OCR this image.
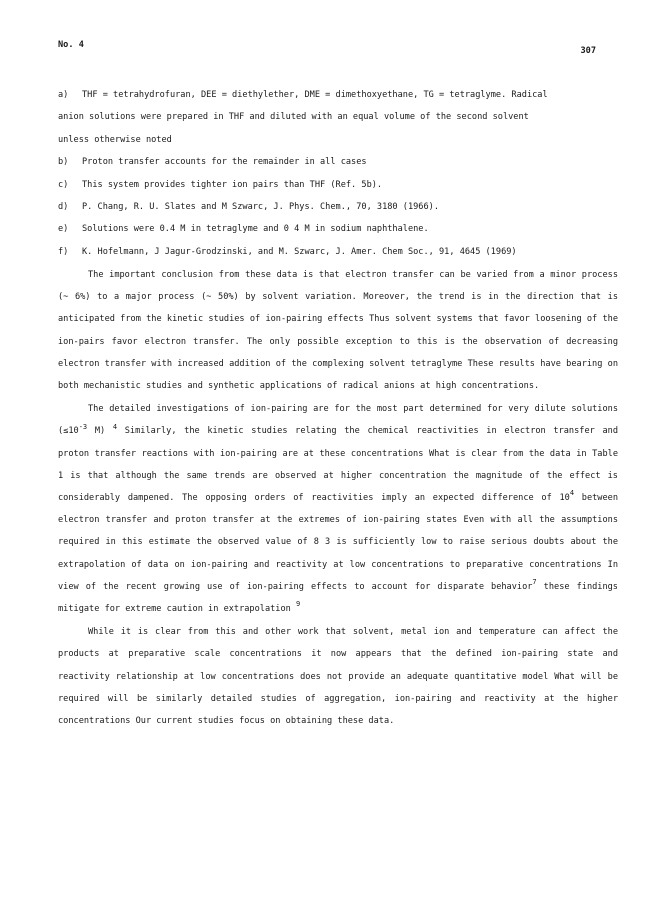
No. 4
307
a) THF = tetrahydrofuran, DEE = diethylether, DME = dimethoxyethane, TG = tetraglyme. Radical
anion solutions were prepared in THF and diluted with an equal volume of the second solvent
unless otherwise noted
b) Proton transfer accounts for the remainder in all cases
c) This system provides tighter ion pairs than THF (Ref. 5b).
d) P. Chang, R. U. Slates and M Szwarc, J. Phys. Chem., 70, 3180 (1966).
e) Solutions were 0.4 M in tetraglyme and 0 4 M in sodium naphthalene.
f) K. Hofelmann, J Jagur-Grodzinski, and M. Szwarc, J. Amer. Chem Soc., 91, 4645 (1969)

The important conclusion from these data is that electron transfer can be varied from a minor process (~ 6%) to a major process (~ 50%) by solvent variation. Moreover, the trend is in the direction that is anticipated from the kinetic studies of ion-pairing effects Thus solvent systems that favor loosening of the ion-pairs favor electron transfer. The only possible exception to this is the observation of decreasing electron transfer with increased addition of the complexing solvent tetraglyme These results have bearing on both mechanistic studies and synthetic applications of radical anions at high concentrations.

The detailed investigations of ion-pairing are for the most part determined for very dilute solutions ($\le 10^{-3}$ M) $^4$ Similarly, the kinetic studies relating the chemical reactivities in electron transfer and proton transfer reactions with ion-pairing are at these concentrations What is clear from the data in Table 1 is that although the same trends are observed at higher concentration the magnitude of the effect is considerably dampened. The opposing orders of reactivities imply an expected difference of $10^4$ between electron transfer and proton transfer at the extremes of ion-pairing states Even with all the assumptions required in this estimate the observed value of 8 3 is sufficiently low to raise serious doubts about the extrapolation of data on ion-pairing and reactivity at low concentrations to preparative concentrations In view of the recent growing use of ion-pairing effects to account for disparate behavior$^7$ these findings mitigate for extreme caution in extrapolation $^9$

While it is clear from this and other work that solvent, metal ion and temperature can affect the products at preparative scale concentrations it now appears that the defined ion-pairing state and reactivity relationship at low concentrations does not provide an adequate quantitative model What will be required will be similarly detailed studies of aggregation, ion-pairing and reactivity at the higher concentrations Our current studies focus on obtaining these data.
